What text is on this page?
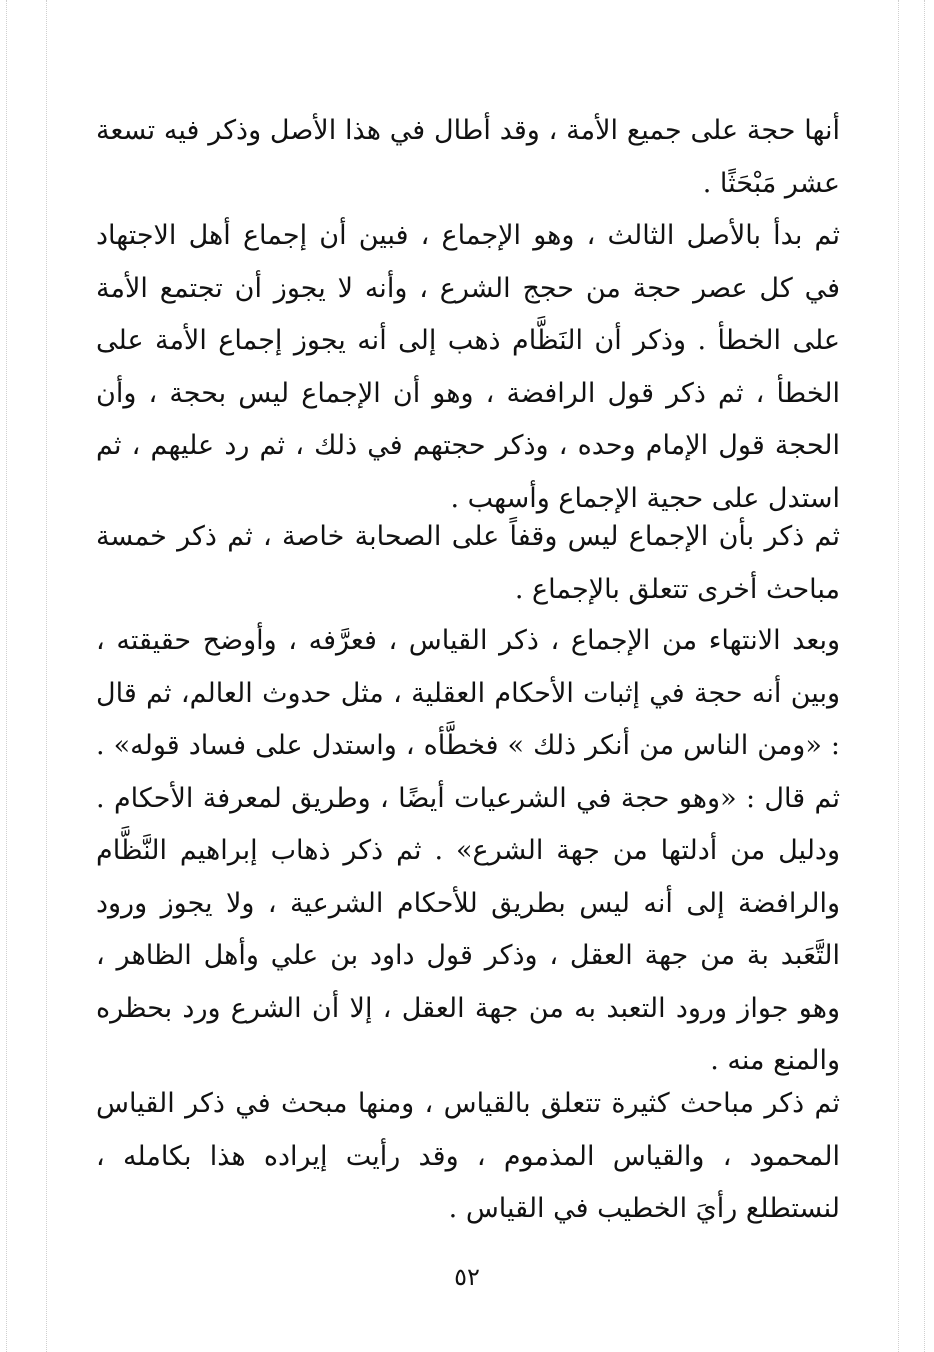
أنها حجة على جميع الأمة ، وقد أطال في هذا الأصل وذكر فيه تسعة عشر مَبْحَثًا .

ثم بدأ بالأصل الثالث ، وهو الإجماع ، فبين أن إجماع أهل الاجتهاد في كل عصر حجة من حجج الشرع ، وأنه لا يجوز أن تجتمع الأمة على الخطأ . وذكر أن النَظَّام ذهب إلى أنه يجوز إجماع الأمة على الخطأ ، ثم ذكر قول الرافضة ، وهو أن الإجماع ليس بحجة ، وأن الحجة قول الإمام وحده ، وذكر حجتهم في ذلك ، ثم رد عليهم ، ثم استدل على حجية الإجماع وأسهب .

ثم ذكر بأن الإجماع ليس وقفاً على الصحابة خاصة ، ثم ذكر خمسة مباحث أخرى تتعلق بالإجماع .

وبعد الانتهاء من الإجماع ، ذكر القياس ، فعرَّفه ، وأوضح حقيقته ، وبين أنه حجة في إثبات الأحكام العقلية ، مثل حدوث العالم، ثم قال : «ومن الناس من أنكر ذلك » فخطَّأه ، واستدل على فساد قوله» . ثم قال : «وهو حجة في الشرعيات أيضًا ، وطريق لمعرفة الأحكام . ودليل من أدلتها من جهة الشرع» . ثم ذكر ذهاب إبراهيم النَّظَّام والرافضة إلى أنه ليس بطريق للأحكام الشرعية ، ولا يجوز ورود التَّعَبد بة من جهة العقل ، وذكر قول داود بن علي وأهل الظاهر ، وهو جواز ورود التعبد به من جهة العقل ، إلا أن الشرع ورد بحظره والمنع منه .

ثم ذكر مباحث كثيرة تتعلق بالقياس ، ومنها مبحث في ذكر القياس المحمود ، والقياس المذموم ، وقد رأيت إيراده هذا بكامله ، لنستطلع رأيَ الخطيب في القياس .

٥٢
